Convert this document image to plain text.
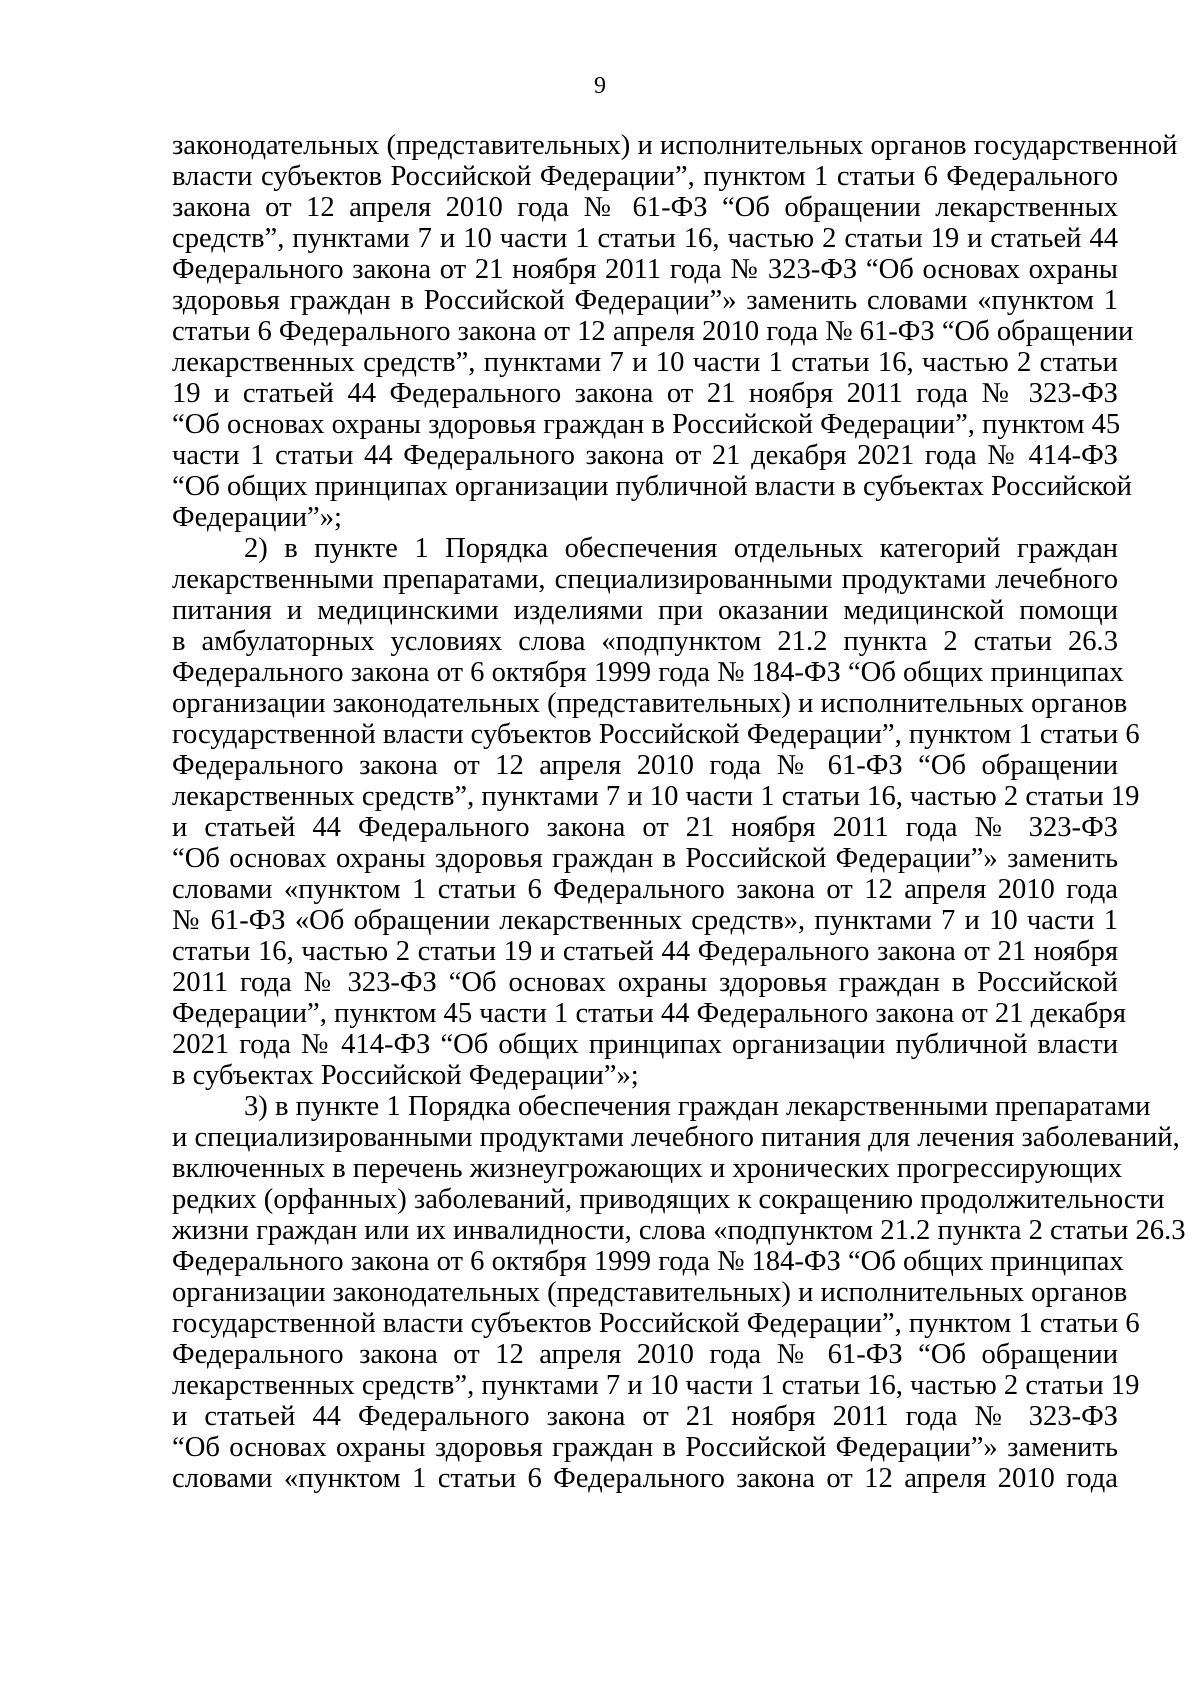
9
законодательных (представительных) и исполнительных органов государственной
власти субъектов Российской Федерации”, пунктом 1 статьи 6 Федерального
закона от 12 апреля 2010 года № 61-ФЗ “Об обращении лекарственных
средств”, пунктами 7 и 10 части 1 статьи 16, частью 2 статьи 19 и статьей 44
Федерального закона от 21 ноября 2011 года № 323-ФЗ “Об основах охраны
здоровья граждан в Российской Федерации”» заменить словами «пунктом 1
статьи 6 Федерального закона от 12 апреля 2010 года № 61-ФЗ “Об обращении
лекарственных средств”, пунктами 7 и 10 части 1 статьи 16, частью 2 статьи
19 и статьей 44 Федерального закона от 21 ноября 2011 года № 323-ФЗ
“Об основах охраны здоровья граждан в Российской Федерации”, пунктом 45
части 1 статьи 44 Федерального закона от 21 декабря 2021 года № 414-ФЗ
“Об общих принципах организации публичной власти в субъектах Российской
Федерации”»;
2) в пункте 1 Порядка обеспечения отдельных категорий граждан
лекарственными препаратами, специализированными продуктами лечебного
питания и медицинскими изделиями при оказании медицинской помощи
в амбулаторных условиях слова «подпунктом 21.2 пункта 2 статьи 26.3
Федерального закона от 6 октября 1999 года № 184-ФЗ “Об общих принципах
организации законодательных (представительных) и исполнительных органов
государственной власти субъектов Российской Федерации”, пунктом 1 статьи 6
Федерального закона от 12 апреля 2010 года № 61-ФЗ “Об обращении
лекарственных средств”, пунктами 7 и 10 части 1 статьи 16, частью 2 статьи 19
и статьей 44 Федерального закона от 21 ноября 2011 года № 323-ФЗ
“Об основах охраны здоровья граждан в Российской Федерации”» заменить
словами «пунктом 1 статьи 6 Федерального закона от 12 апреля 2010 года
№ 61-ФЗ «Об обращении лекарственных средств», пунктами 7 и 10 части 1
статьи 16, частью 2 статьи 19 и статьей 44 Федерального закона от 21 ноября
2011 года № 323-ФЗ “Об основах охраны здоровья граждан в Российской
Федерации”, пунктом 45 части 1 статьи 44 Федерального закона от 21 декабря
2021 года № 414-ФЗ “Об общих принципах организации публичной власти
в субъектах Российской Федерации”»;
3) в пункте 1 Порядка обеспечения граждан лекарственными препаратами
и специализированными продуктами лечебного питания для лечения заболеваний,
включенных в перечень жизнеугрожающих и хронических прогрессирующих
редких (орфанных) заболеваний, приводящих к сокращению продолжительности
жизни граждан или их инвалидности, слова «подпунктом 21.2 пункта 2 статьи 26.3
Федерального закона от 6 октября 1999 года № 184-ФЗ “Об общих принципах
организации законодательных (представительных) и исполнительных органов
государственной власти субъектов Российской Федерации”, пунктом 1 статьи 6
Федерального закона от 12 апреля 2010 года № 61-ФЗ “Об обращении
лекарственных средств”, пунктами 7 и 10 части 1 статьи 16, частью 2 статьи 19
и статьей 44 Федерального закона от 21 ноября 2011 года № 323-ФЗ
“Об основах охраны здоровья граждан в Российской Федерации”» заменить
словами «пунктом 1 статьи 6 Федерального закона от 12 апреля 2010 года
